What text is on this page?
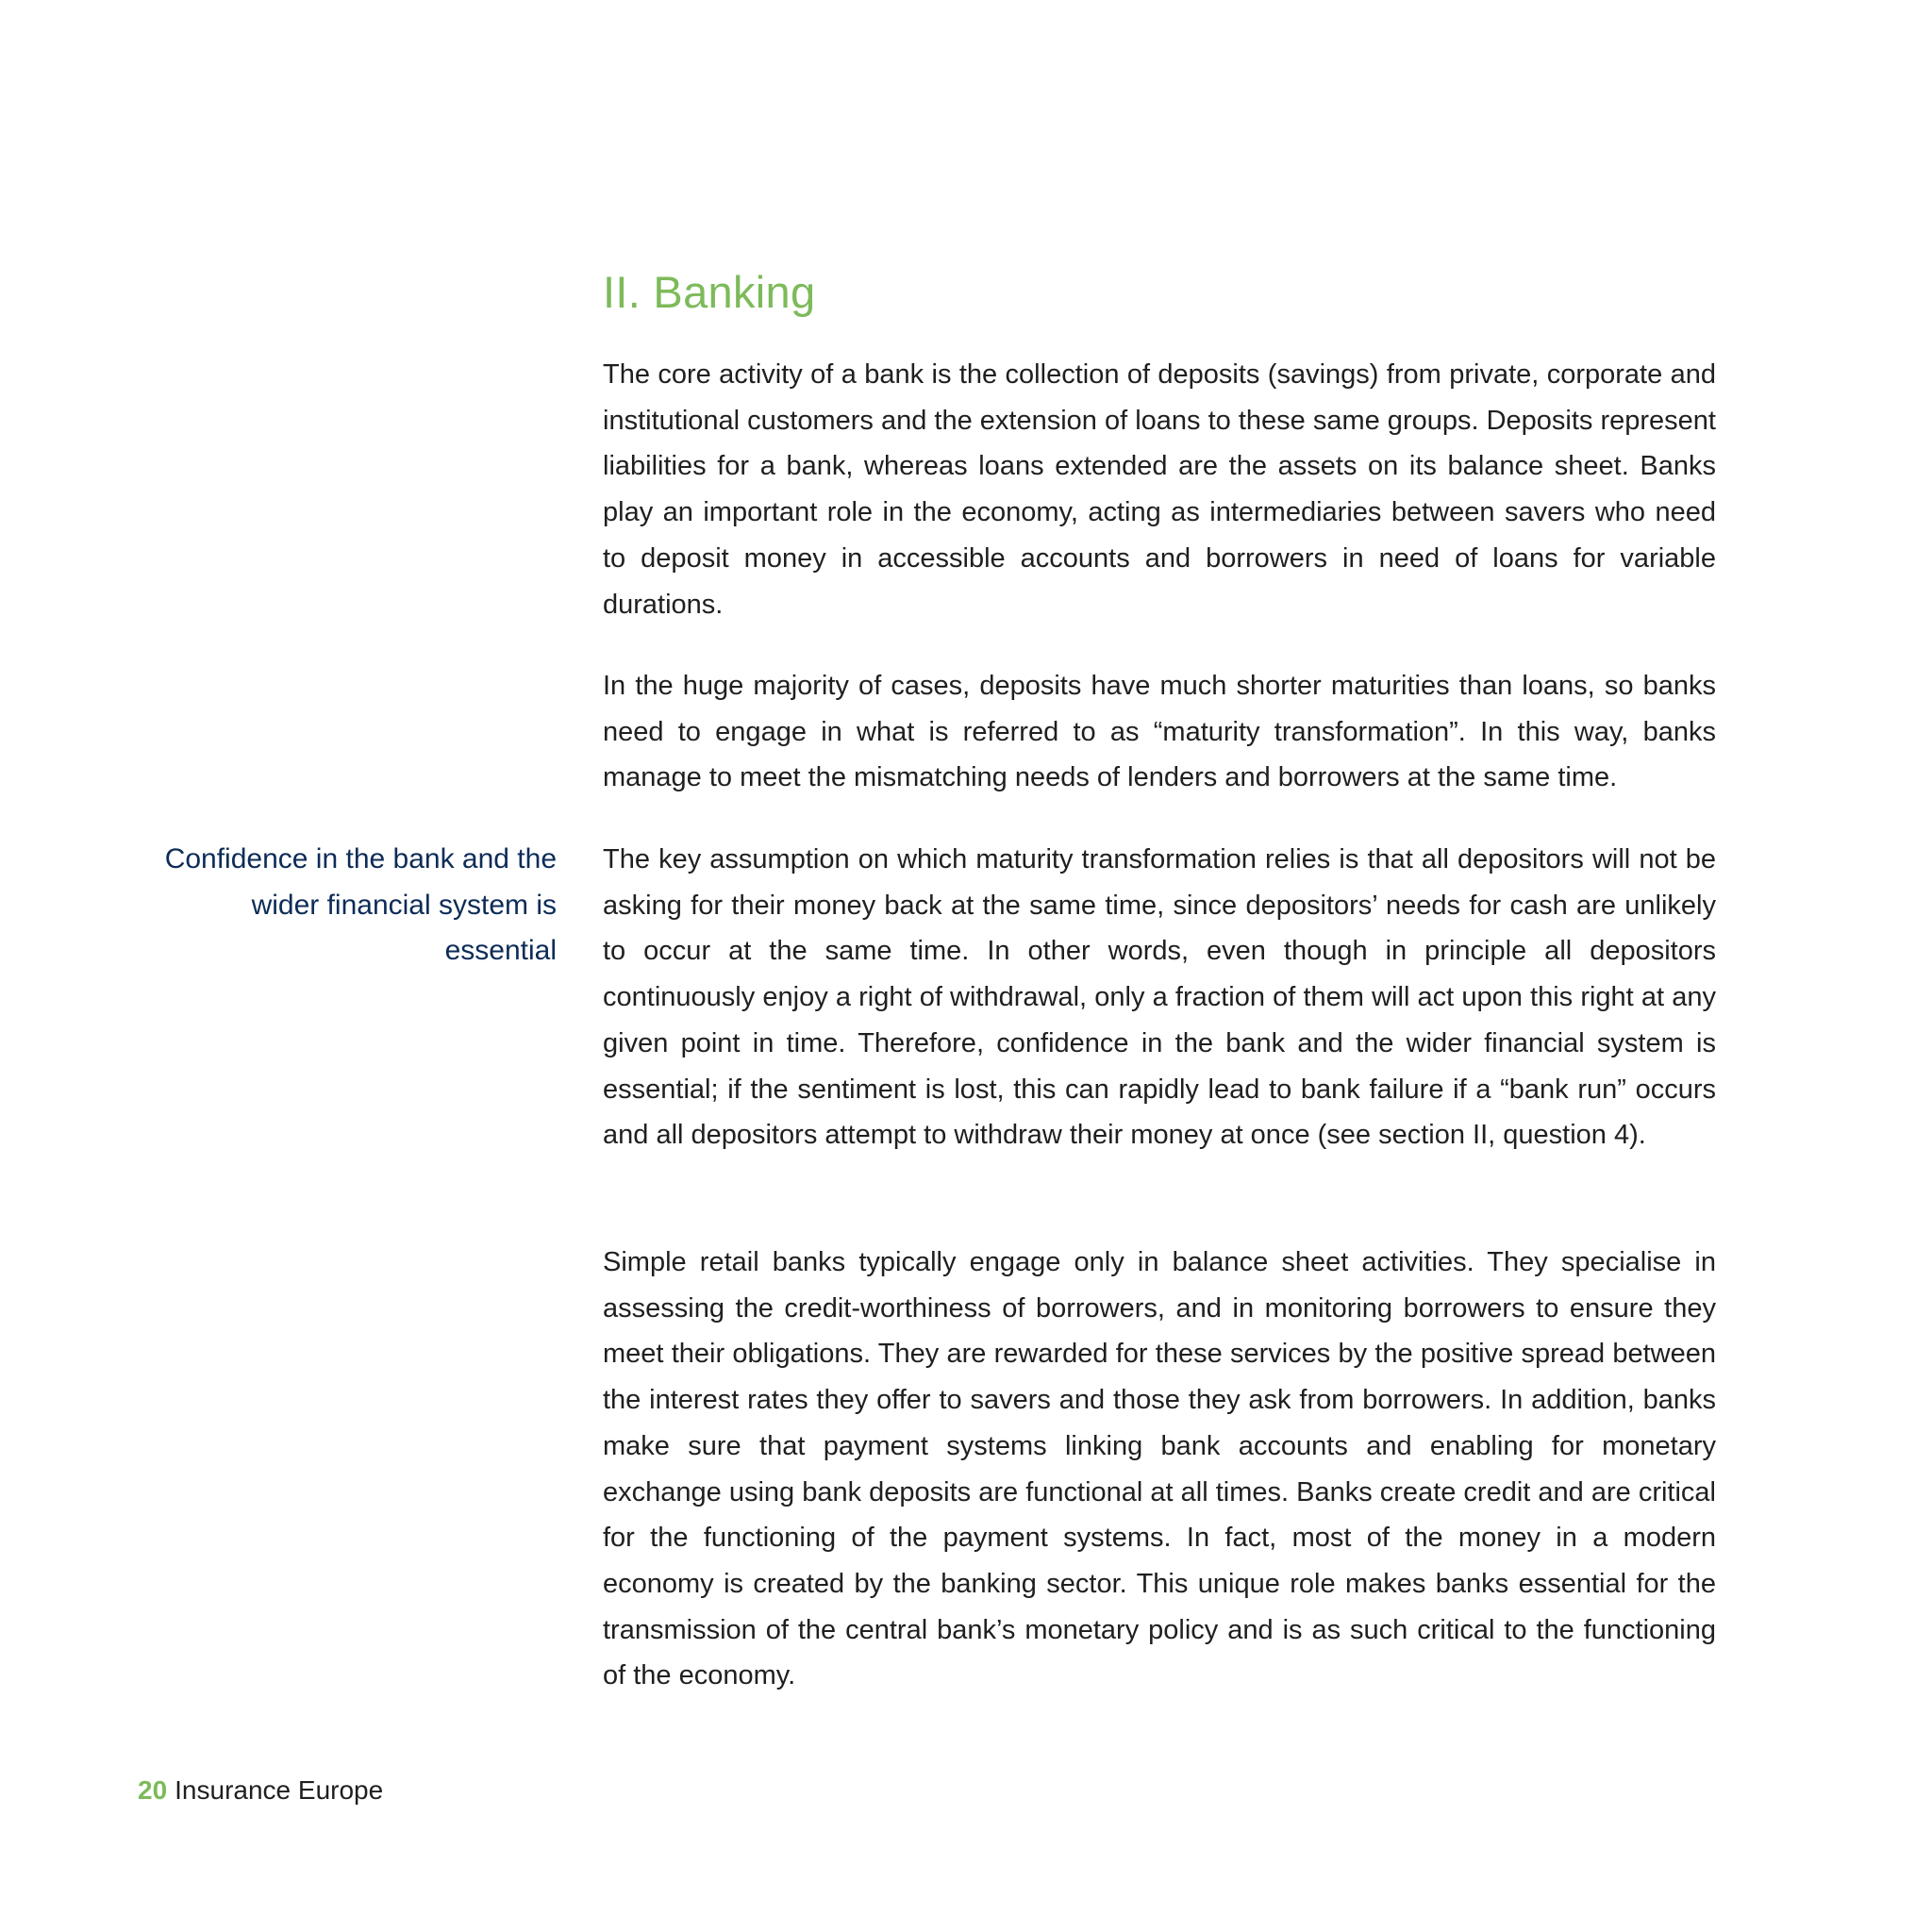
II. Banking

The core activity of a bank is the collection of deposits (savings) from private, corporate and institutional customers and the extension of loans to these same groups. Deposits represent liabilities for a bank, whereas loans extended are the assets on its balance sheet. Banks play an important role in the economy, acting as intermediaries between savers who need to deposit money in accessible accounts and borrowers in need of loans for variable durations.

In the huge majority of cases, deposits have much shorter maturities than loans, so banks need to engage in what is referred to as “maturity transformation”. In this way, banks manage to meet the mismatching needs of lenders and borrowers at the same time.

Confidence in the bank and the wider financial system is essential

The key assumption on which maturity transformation relies is that all depositors will not be asking for their money back at the same time, since depositors’ needs for cash are unlikely to occur at the same time. In other words, even though in principle all depositors continuously enjoy a right of withdrawal, only a fraction of them will act upon this right at any given point in time. Therefore, confidence in the bank and the wider financial system is essential; if the sentiment is lost, this can rapidly lead to bank failure if a “bank run” occurs and all depositors attempt to withdraw their money at once (see section II, question 4).

Simple retail banks typically engage only in balance sheet activities. They specialise in assessing the credit-worthiness of borrowers, and in monitoring borrowers to ensure they meet their obligations. They are rewarded for these services by the positive spread between the interest rates they offer to savers and those they ask from borrowers. In addition, banks make sure that payment systems linking bank accounts and enabling for monetary exchange using bank deposits are functional at all times. Banks create credit and are critical for the functioning of the payment systems. In fact, most of the money in a modern economy is created by the banking sector. This unique role makes banks essential for the transmission of the central bank’s monetary policy and is as such critical to the functioning of the economy.

20 Insurance Europe
